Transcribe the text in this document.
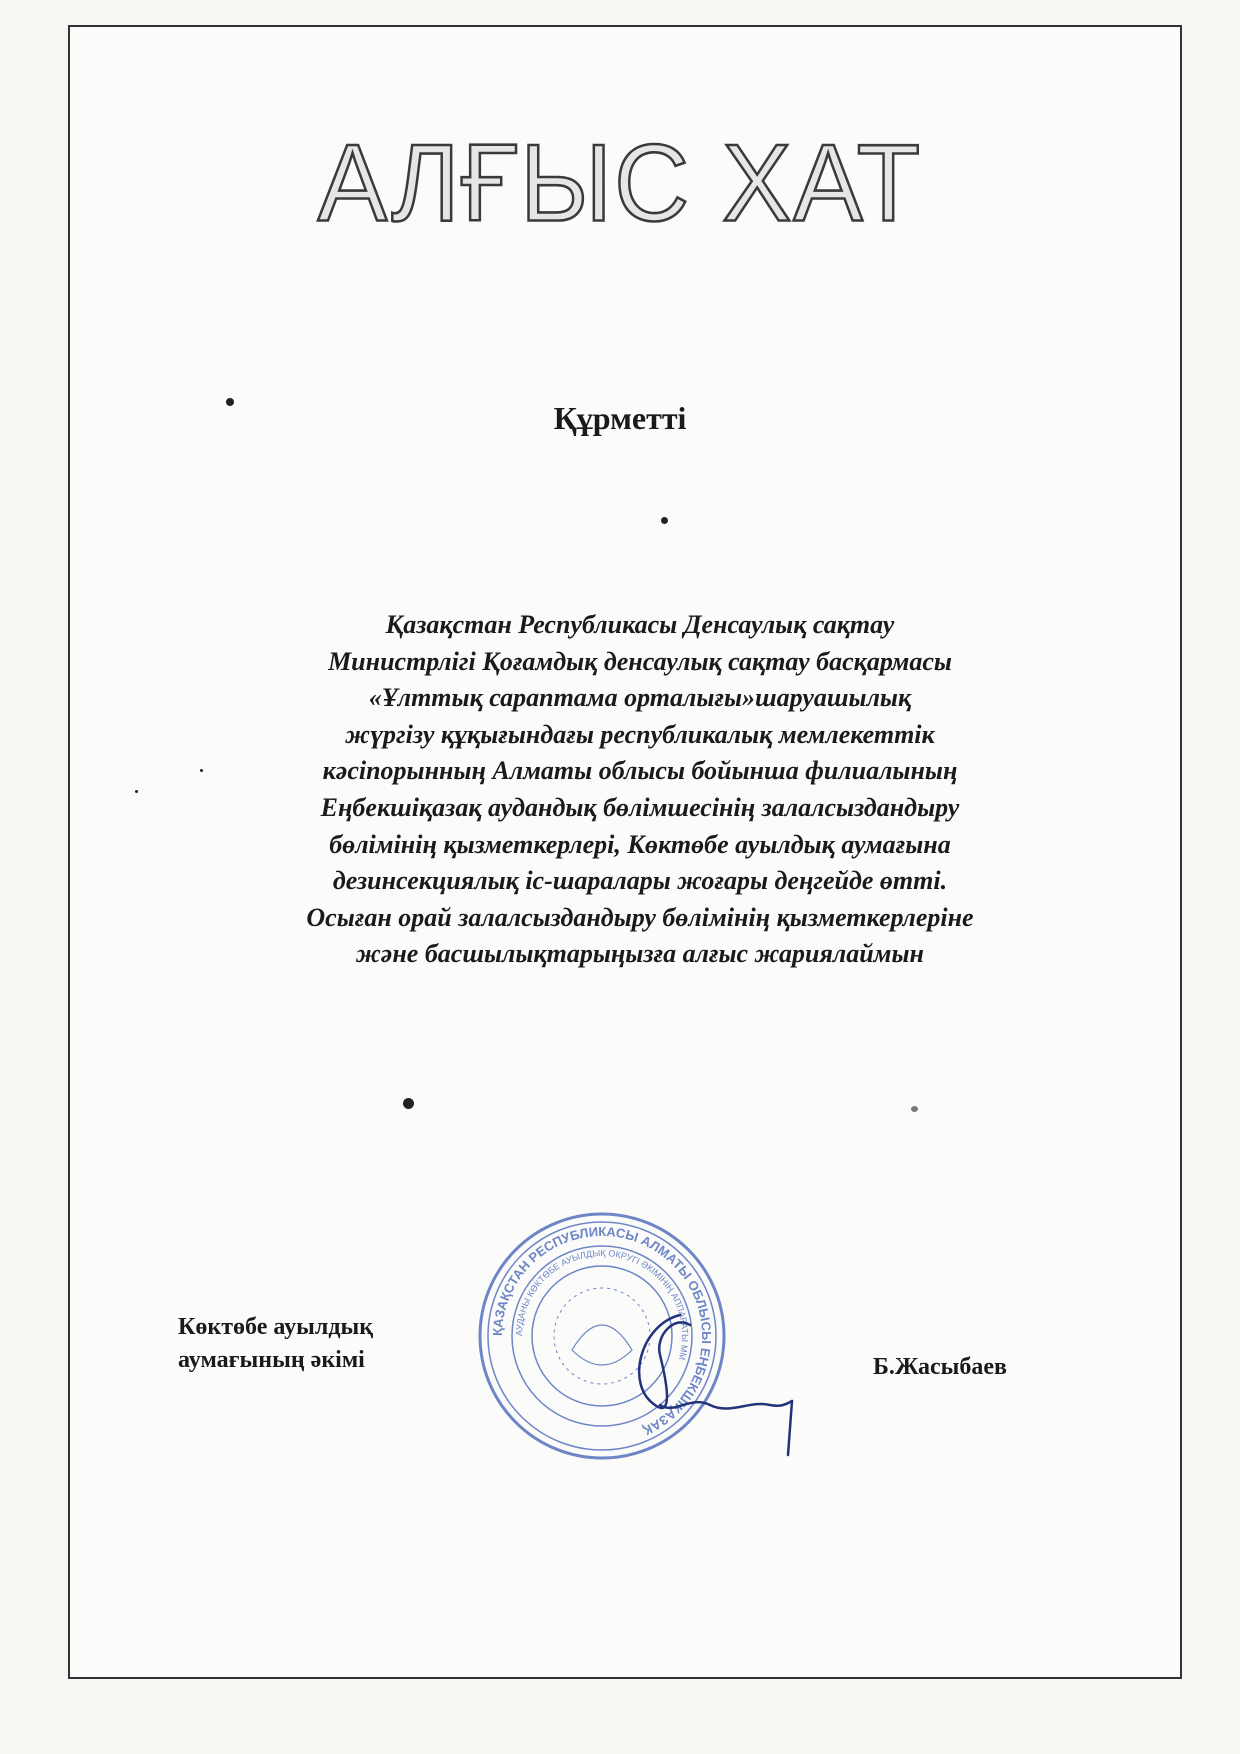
АЛҒЫС ХАТ
Құрметті

Қазақстан Республикасы Денсаулық сақтау
Министрлігі Қоғамдық денсаулық сақтау басқармасы
«Ұлттық сараптама орталығы»шаруашылық
жүргізу құқығындағы республикалық мемлекеттік
кәсіпорынның Алматы облысы бойынша филиалының
Еңбекшіқазақ аудандық бөлімшесінің залалсыздандыру
бөлімінің қызметкерлері, Көктөбе ауылдық аумағына
дезинсекциялық іс-шаралары жоғары деңгейде өтті.
Осыған орай залалсыздандыру бөлімінің қызметкерлеріне
және басшылықтарыңызға алғыс жариялаймын

Көктөбе ауылдық
аумағының әкімі	Б.Жасыбаев
ҚАЗАҚСТАН РЕСПУБЛИКАСЫ АЛМАТЫ ОБЛЫСЫ ЕҢБЕКШІҚАЗАҚ
АУДАНЫ КӨКТӨБЕ АУЫЛДЫҚ ОКРУГІ ӘКІМІНІҢ АППАРАТЫ ММ
